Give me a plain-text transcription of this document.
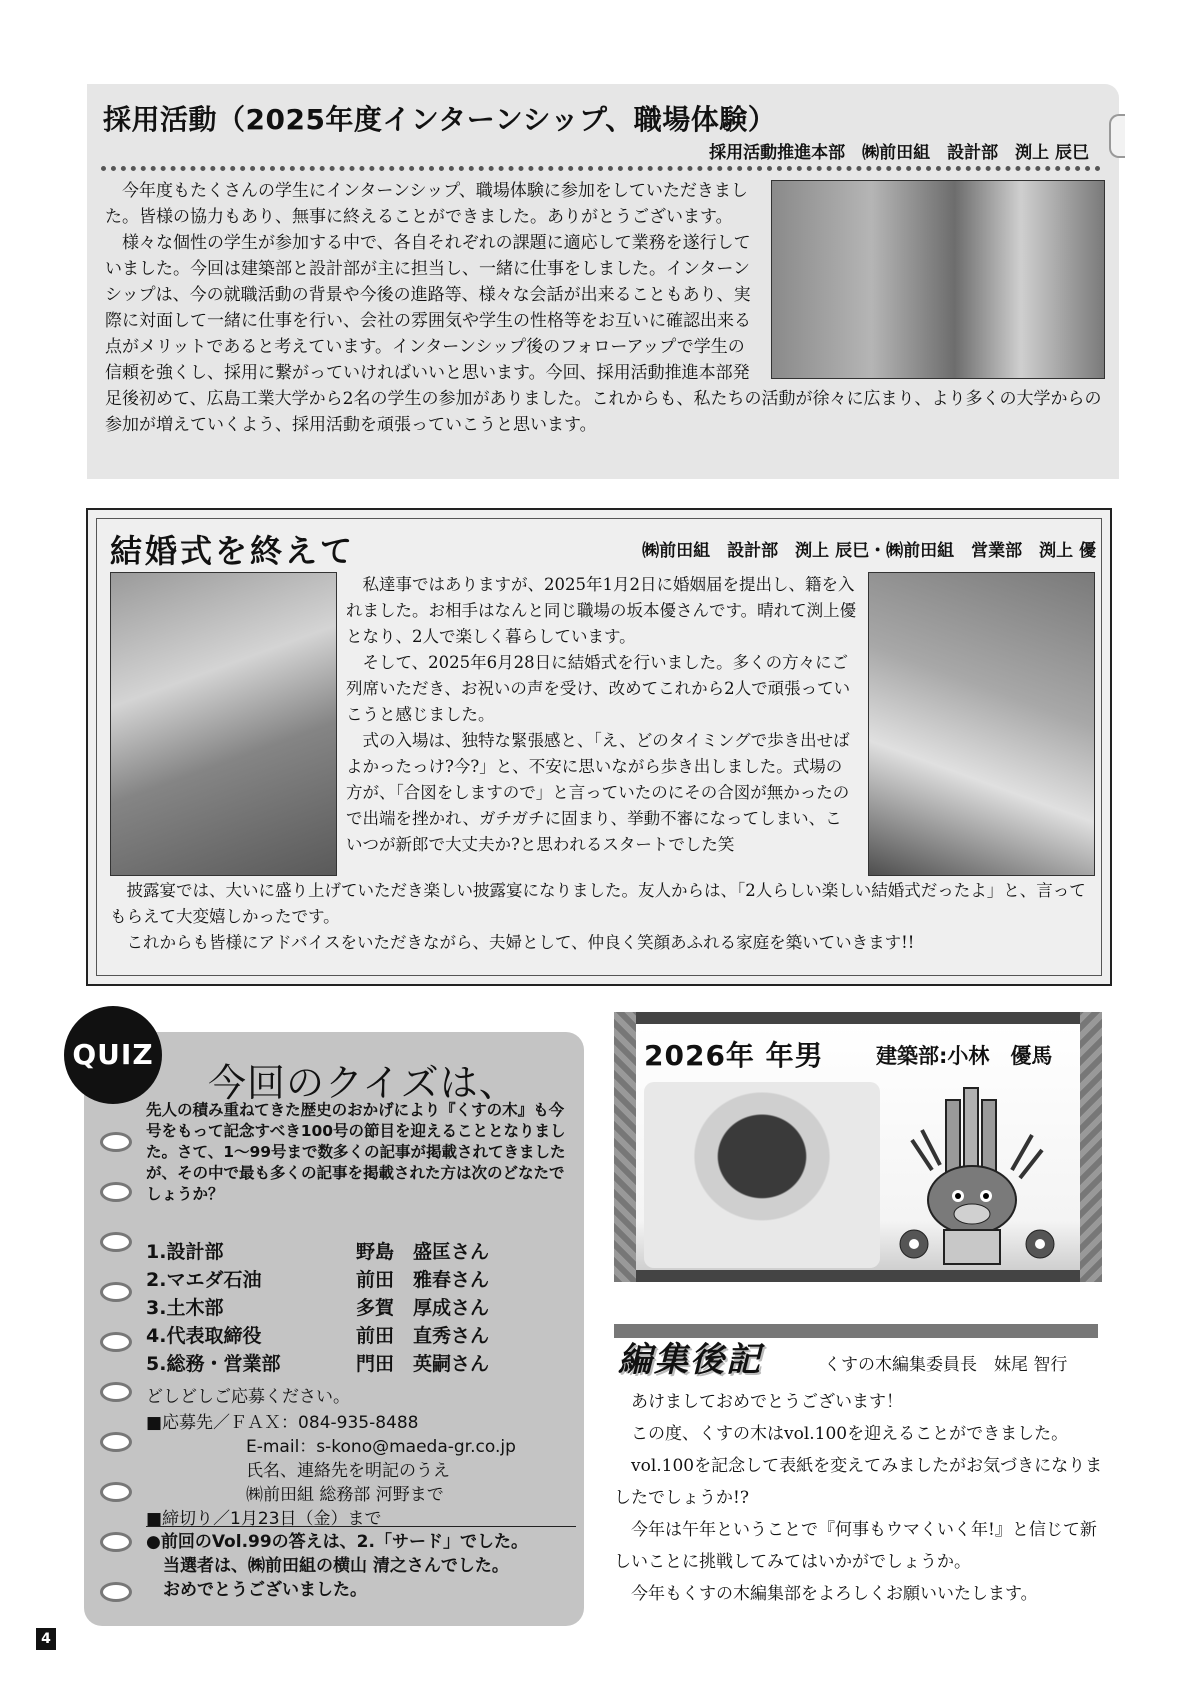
採用活動（2025年度インターンシップ、職場体験）
採用活動推進本部　㈱前田組　設計部　渕上 辰巳

今年度もたくさんの学生にインターンシップ、職場体験に参加をしていただきました。皆様の協力もあり、無事に終えることができました。ありがとうございます。

様々な個性の学生が参加する中で、各自それぞれの課題に適応して業務を遂行していました。今回は建築部と設計部が主に担当し、一緒に仕事をしました。インターンシップは、今の就職活動の背景や今後の進路等、様々な会話が出来ることもあり、実際に対面して一緒に仕事を行い、会社の雰囲気や学生の性格等をお互いに確認出来る点がメリットであると考えています。インターンシップ後のフォローアップで学生の信頼を強くし、採用に繋がっていければいいと思います。今回、採用活動推進本部発足後初めて、広島工業大学から2名の学生の参加がありました。これからも、私たちの活動が徐々に広まり、より多くの大学からの参加が増えていくよう、採用活動を頑張っていこうと思います。

結婚式を終えて	㈱前田組　設計部　渕上 辰巳・㈱前田組　営業部　渕上 優

私達事ではありますが、2025年1月2日に婚姻届を提出し、籍を入れました。お相手はなんと同じ職場の坂本優さんです。晴れて渕上優となり、2人で楽しく暮らしています。

そして、2025年6月28日に結婚式を行いました。多くの方々にご列席いただき、お祝いの声を受け、改めてこれから2人で頑張っていこうと感じました。

式の入場は、独特な緊張感と、「え、どのタイミングで歩き出せばよかったっけ?今?」と、不安に思いながら歩き出しました。式場の方が、「合図をしますので」と言っていたのにその合図が無かったので出端を挫かれ、ガチガチに固まり、挙動不審になってしまい、こいつが新郎で大丈夫か?と思われるスタートでした笑

披露宴では、大いに盛り上げていただき楽しい披露宴になりました。友人からは、「2人らしい楽しい結婚式だったよ」と、言ってもらえて大変嬉しかったです。

これからも皆様にアドバイスをいただきながら、夫婦として、仲良く笑顔あふれる家庭を築いていきます!!

QUIZ
今回のクイズは、
先人の積み重ねてきた歴史のおかげにより『くすの木』も今号をもって記念すべき100号の節目を迎えることとなりました。さて、1〜99号まで数多くの記事が掲載されてきましたが、その中で最も多くの記事を掲載された方は次のどなたでしょうか？
1.設計部	野島　盛匡さん
2.マエダ石油	前田　雅春さん
3.土木部	多賀　厚成さん
4.代表取締役	前田　直秀さん
5.総務・営業部	門田　英嗣さん
どしどしご応募ください。
■応募先／ＦＡＸ：084-935-8488
E-mail：s-kono@maeda-gr.co.jp
氏名、連絡先を明記のうえ
㈱前田組 総務部 河野まで
■締切り／1月23日（金）まで

●前回のVol.99の答えは、2.「サード」でした。

　当選者は、㈱前田組の横山 清之さんでした。

　おめでとうございました。

2026年 年男 建築部:小林　優馬
編集後記	くすの木編集委員長　妹尾 智行

あけましておめでとうございます！

この度、くすの木はvol.100を迎えることができました。

vol.100を記念して表紙を変えてみましたがお気づきになりましたでしょうか!?

今年は午年ということで『何事もウマくいく年!』と信じて新しいことに挑戦してみてはいかがでしょうか。

今年もくすの木編集部をよろしくお願いいたします。

4
